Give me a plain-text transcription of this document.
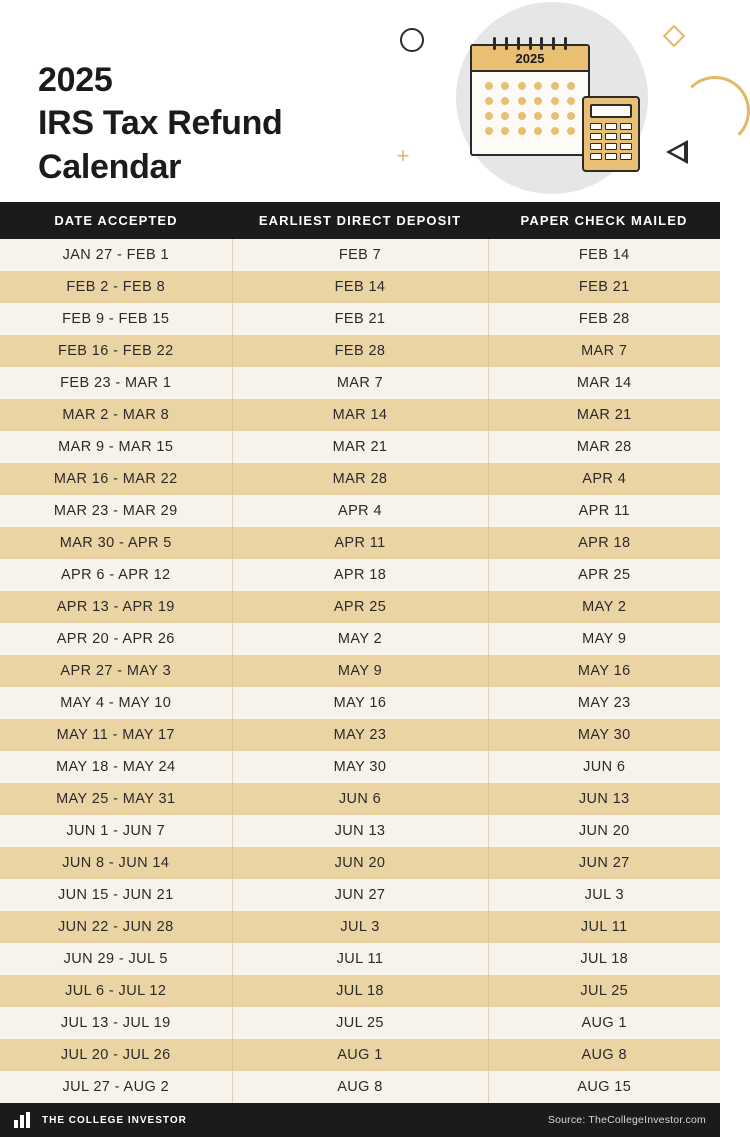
+
2025
2025
IRS Tax Refund
Calendar
DATE ACCEPTED	EARLIEST DIRECT DEPOSIT	PAPER CHECK MAILED
JAN 27 - FEB 1	FEB 7	FEB 14
FEB 2 - FEB 8	FEB 14	FEB 21
FEB 9 - FEB 15	FEB 21	FEB 28
FEB 16 - FEB 22	FEB 28	MAR 7
FEB 23 - MAR 1	MAR 7	MAR 14
MAR 2 - MAR 8	MAR 14	MAR 21
MAR 9 - MAR 15	MAR 21	MAR 28
MAR 16 - MAR 22	MAR 28	APR 4
MAR 23 - MAR 29	APR 4	APR 11
MAR 30 - APR 5	APR 11	APR 18
APR 6 - APR 12	APR 18	APR 25
APR 13 - APR 19	APR 25	MAY 2
APR 20 - APR 26	MAY 2	MAY 9
APR 27 - MAY 3	MAY 9	MAY 16
MAY 4 - MAY 10	MAY 16	MAY 23
MAY 11 - MAY 17	MAY 23	MAY 30
MAY 18 - MAY 24	MAY 30	JUN 6
MAY 25 - MAY 31	JUN 6	JUN 13
JUN 1 - JUN 7	JUN 13	JUN 20
JUN 8 - JUN 14	JUN 20	JUN 27
JUN 15 - JUN 21	JUN 27	JUL 3
JUN 22 - JUN 28	JUL 3	JUL 11
JUN 29 - JUL 5	JUL 11	JUL 18
JUL 6 - JUL 12	JUL 18	JUL 25
JUL 13 - JUL 19	JUL 25	AUG 1
JUL 20 - JUL 26	AUG 1	AUG 8
JUL 27 - AUG 2	AUG 8	AUG 15
THE COLLEGE INVESTOR	Source: TheCollegeInvestor.com
